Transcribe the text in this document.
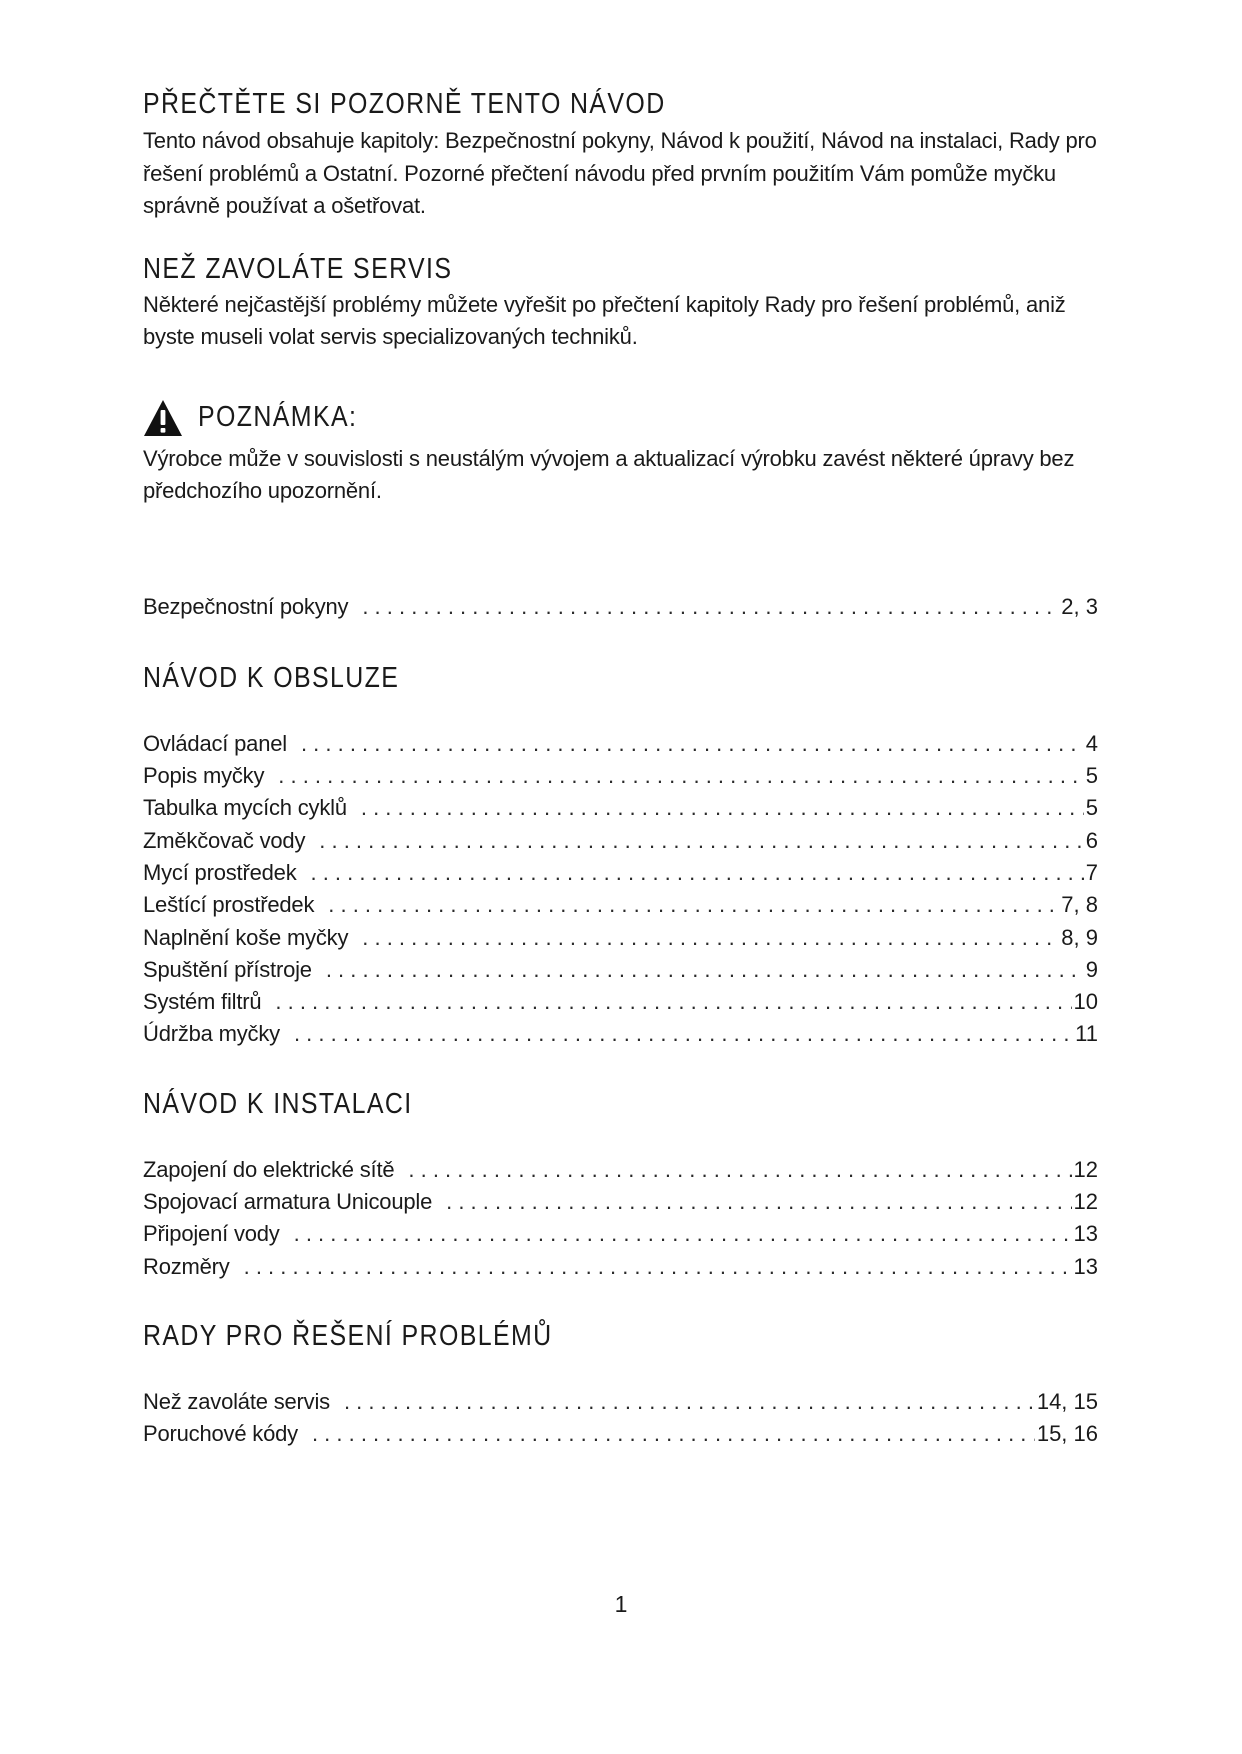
PŘEČTĚTE SI POZORNĚ TENTO NÁVOD

Tento návod obsahuje kapitoly: Bezpečnostní pokyny, Návod k použití, Návod na instalaci, Rady pro řešení problémů a Ostatní. Pozorné přečtení návodu před prvním použitím Vám pomůže myčku správně používat a ošetřovat.

NEŽ ZAVOLÁTE SERVIS

Některé nejčastější problémy můžete vyřešit po přečtení kapitoly Rady pro řešení problémů, aniž byste museli volat servis specializovaných techniků.

POZNÁMKA:

Výrobce může v souvislosti s neustálým vývojem a aktualizací výrobku zavést některé úpravy bez předchozího upozornění.

Bezpečnostní pokyny .....	2, 3
NÁVOD K OBSLUZE
Ovládací panel .....	4
Popis myčky .....	5
Tabulka mycích cyklů .....	5
Změkčovač vody .....	6
Mycí prostředek .....	7
Leštící prostředek .....	7, 8
Naplnění koše myčky .....	8, 9
Spuštění přístroje .....	9
Systém filtrů .....	10
Údržba myčky .....	11
NÁVOD K INSTALACI
Zapojení do elektrické sítě .....	12
Spojovací armatura Unicouple .....	12
Připojení vody .....	13
Rozměry .....	13
RADY PRO ŘEŠENÍ PROBLÉMŮ
Než zavoláte servis .....	14, 15
Poruchové kódy .....	15, 16
1
